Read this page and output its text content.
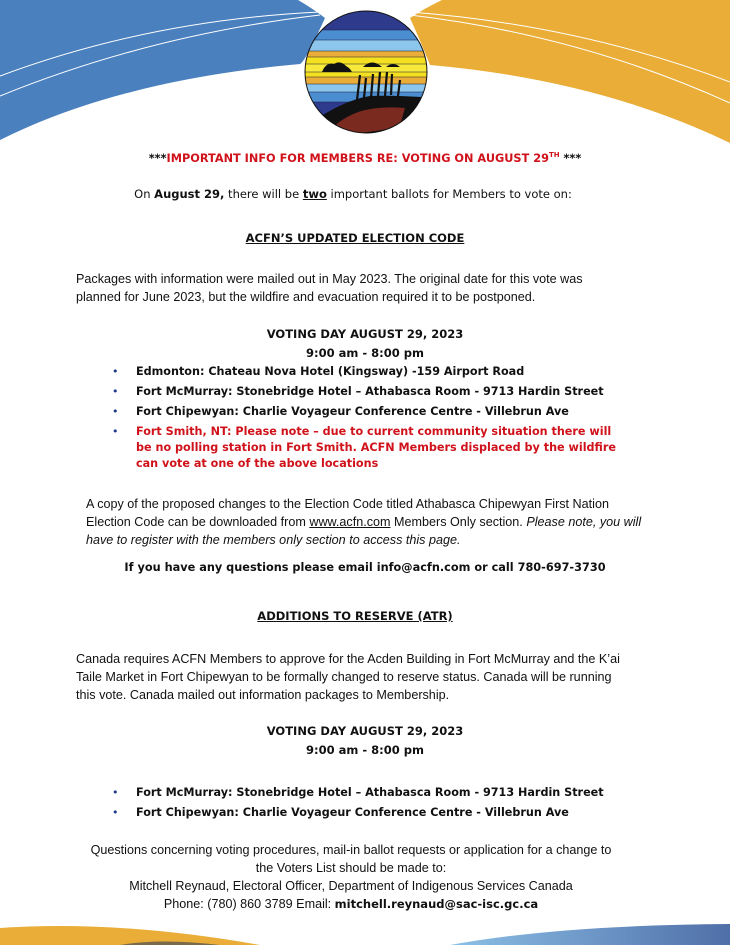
***IMPORTANT INFO FOR MEMBERS RE: VOTING ON AUGUST 29TH ***
On August 29, there will be two important ballots for Members to vote on:
ACFN’S UPDATED ELECTION CODE
Packages with information were mailed out in May 2023. The original date for this vote was planned for June 2023, but the wildfire and evacuation required it to be postponed.
VOTING DAY AUGUST 29, 2023
9:00 am - 8:00 pm
• Edmonton: Chateau Nova Hotel (Kingsway) -159 Airport Road
• Fort McMurray: Stonebridge Hotel – Athabasca Room - 9713 Hardin Street
• Fort Chipewyan: Charlie Voyageur Conference Centre - Villebrun Ave
• Fort Smith, NT: Please note – due to current community situation there will be no polling station in Fort Smith. ACFN Members displaced by the wildfire can vote at one of the above locations
A copy of the proposed changes to the Election Code titled Athabasca Chipewyan First Nation Election Code can be downloaded from www.acfn.com Members Only section. Please note, you will have to register with the members only section to access this page.
If you have any questions please email info@acfn.com or call 780-697-3730
ADDITIONS TO RESERVE (ATR)
Canada requires ACFN Members to approve for the Acden Building in Fort McMurray and the K’ai Taile Market in Fort Chipewyan to be formally changed to reserve status. Canada will be running this vote. Canada mailed out information packages to Membership.
VOTING DAY AUGUST 29, 2023
9:00 am - 8:00 pm
• Fort McMurray: Stonebridge Hotel – Athabasca Room - 9713 Hardin Street
• Fort Chipewyan: Charlie Voyageur Conference Centre - Villebrun Ave
Questions concerning voting procedures, mail-in ballot requests or application for a change to
the Voters List should be made to:
Mitchell Reynaud, Electoral Officer, Department of Indigenous Services Canada
Phone: (780) 860 3789 Email: mitchell.reynaud@sac-isc.gc.ca
